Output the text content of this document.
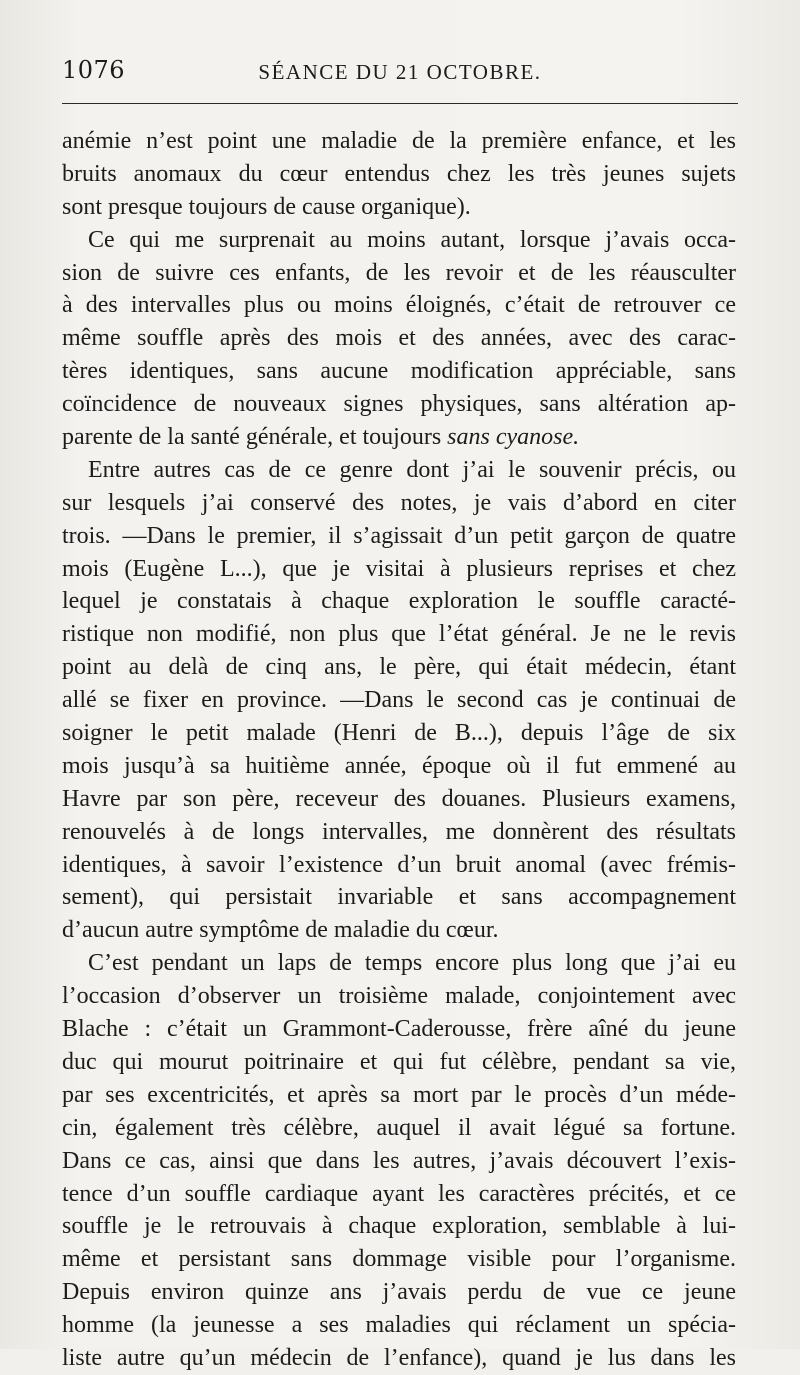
1076	SÉANCE DU 21 OCTOBRE.
anémie n’est point une maladie de la première enfance, et les
bruits anomaux du cœur entendus chez les très jeunes sujets
sont presque toujours de cause organique).
Ce qui me surprenait au moins autant, lorsque j’avais occa-
sion de suivre ces enfants, de les revoir et de les réausculter
à des intervalles plus ou moins éloignés, c’était de retrouver ce
même souffle après des mois et des années, avec des carac-
tères identiques, sans aucune modification appréciable, sans
coïncidence de nouveaux signes physiques, sans altération ap-
parente de la santé générale, et toujours sans cyanose.
Entre autres cas de ce genre dont j’ai le souvenir précis, ou
sur lesquels j’ai conservé des notes, je vais d’abord en citer
trois. —Dans le premier, il s’agissait d’un petit garçon de quatre
mois (Eugène L...), que je visitai à plusieurs reprises et chez
lequel je constatais à chaque exploration le souffle caracté-
ristique non modifié, non plus que l’état général. Je ne le revis
point au delà de cinq ans, le père, qui était médecin, étant
allé se fixer en province. —Dans le second cas je continuai de
soigner le petit malade (Henri de B...), depuis l’âge de six
mois jusqu’à sa huitième année, époque où il fut emmené au
Havre par son père, receveur des douanes. Plusieurs examens,
renouvelés à de longs intervalles, me donnèrent des résultats
identiques, à savoir l’existence d’un bruit anomal (avec frémis-
sement), qui persistait invariable et sans accompagnement
d’aucun autre symptôme de maladie du cœur.
C’est pendant un laps de temps encore plus long que j’ai eu
l’occasion d’observer un troisième malade, conjointement avec
Blache : c’était un Grammont-Caderousse, frère aîné du jeune
duc qui mourut poitrinaire et qui fut célèbre, pendant sa vie,
par ses excentricités, et après sa mort par le procès d’un méde-
cin, également très célèbre, auquel il avait légué sa fortune.
Dans ce cas, ainsi que dans les autres, j’avais découvert l’exis-
tence d’un souffle cardiaque ayant les caractères précités, et ce
souffle je le retrouvais à chaque exploration, semblable à lui-
même et persistant sans dommage visible pour l’organisme.
Depuis environ quinze ans j’avais perdu de vue ce jeune
homme (la jeunesse a ses maladies qui réclament un spécia-
liste autre qu’un médecin de l’enfance), quand je lus dans les
